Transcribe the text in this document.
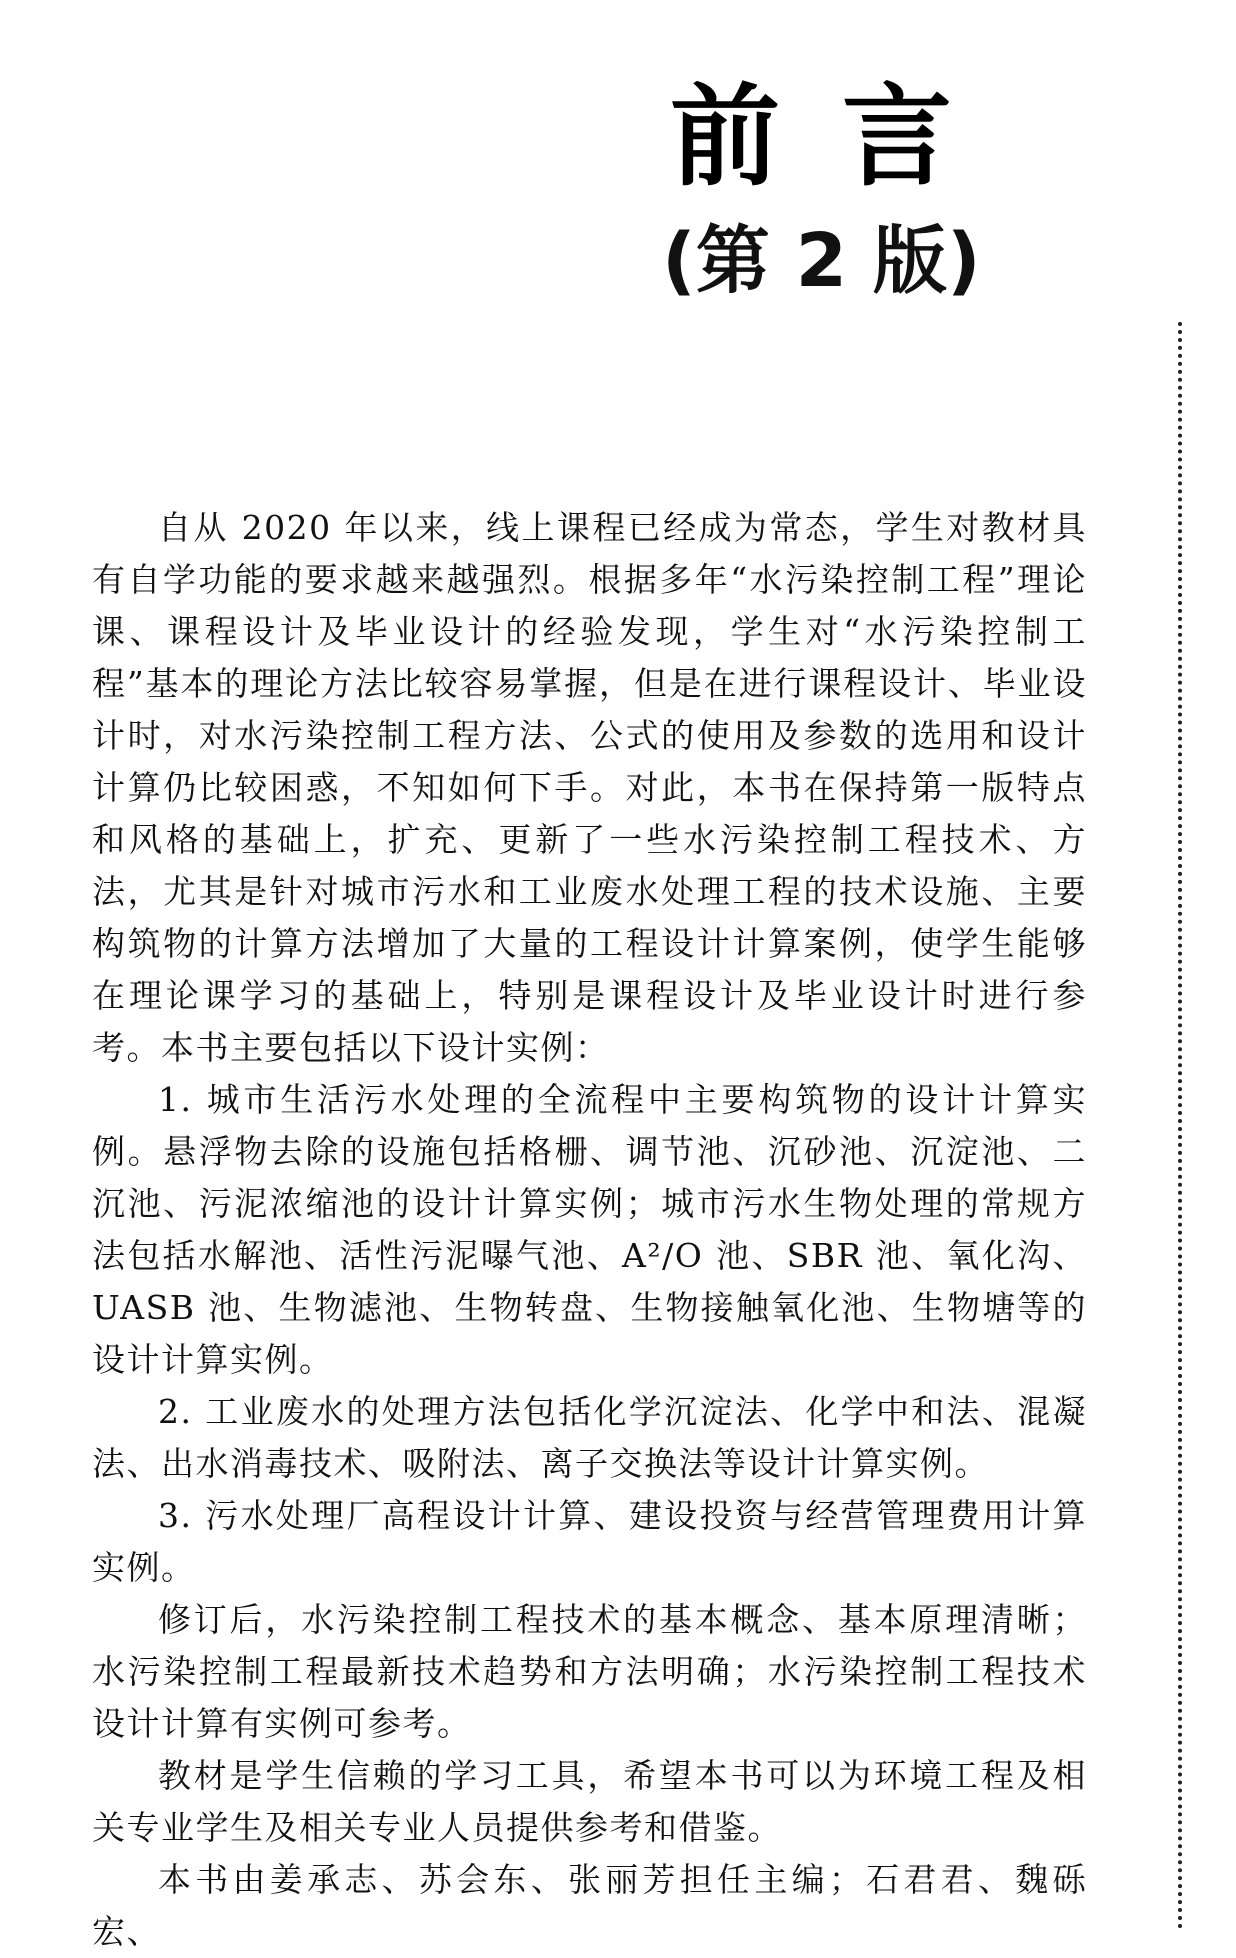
前言
(第 2 版)

自从 2020 年以来，线上课程已经成为常态，学生对教材具有自学功能的要求越来越强烈。根据多年“水污染控制工程”理论课、课程设计及毕业设计的经验发现，学生对“水污染控制工程”基本的理论方法比较容易掌握，但是在进行课程设计、毕业设计时，对水污染控制工程方法、公式的使用及参数的选用和设计计算仍比较困惑，不知如何下手。对此，本书在保持第一版特点和风格的基础上，扩充、更新了一些水污染控制工程技术、方法，尤其是针对城市污水和工业废水处理工程的技术设施、主要构筑物的计算方法增加了大量的工程设计计算案例，使学生能够在理论课学习的基础上，特别是课程设计及毕业设计时进行参考。本书主要包括以下设计实例：

1. 城市生活污水处理的全流程中主要构筑物的设计计算实例。悬浮物去除的设施包括格栅、调节池、沉砂池、沉淀池、二沉池、污泥浓缩池的设计计算实例；城市污水生物处理的常规方法包括水解池、活性污泥曝气池、A²/O 池、SBR 池、氧化沟、UASB 池、生物滤池、生物转盘、生物接触氧化池、生物塘等的设计计算实例。

2. 工业废水的处理方法包括化学沉淀法、化学中和法、混凝法、出水消毒技术、吸附法、离子交换法等设计计算实例。

3. 污水处理厂高程设计计算、建设投资与经营管理费用计算实例。

修订后，水污染控制工程技术的基本概念、基本原理清晰；水污染控制工程最新技术趋势和方法明确；水污染控制工程技术设计计算有实例可参考。

教材是学生信赖的学习工具，希望本书可以为环境工程及相关专业学生及相关专业人员提供参考和借鉴。

本书由姜承志、苏会东、张丽芳担任主编；石君君、魏砾宏、
